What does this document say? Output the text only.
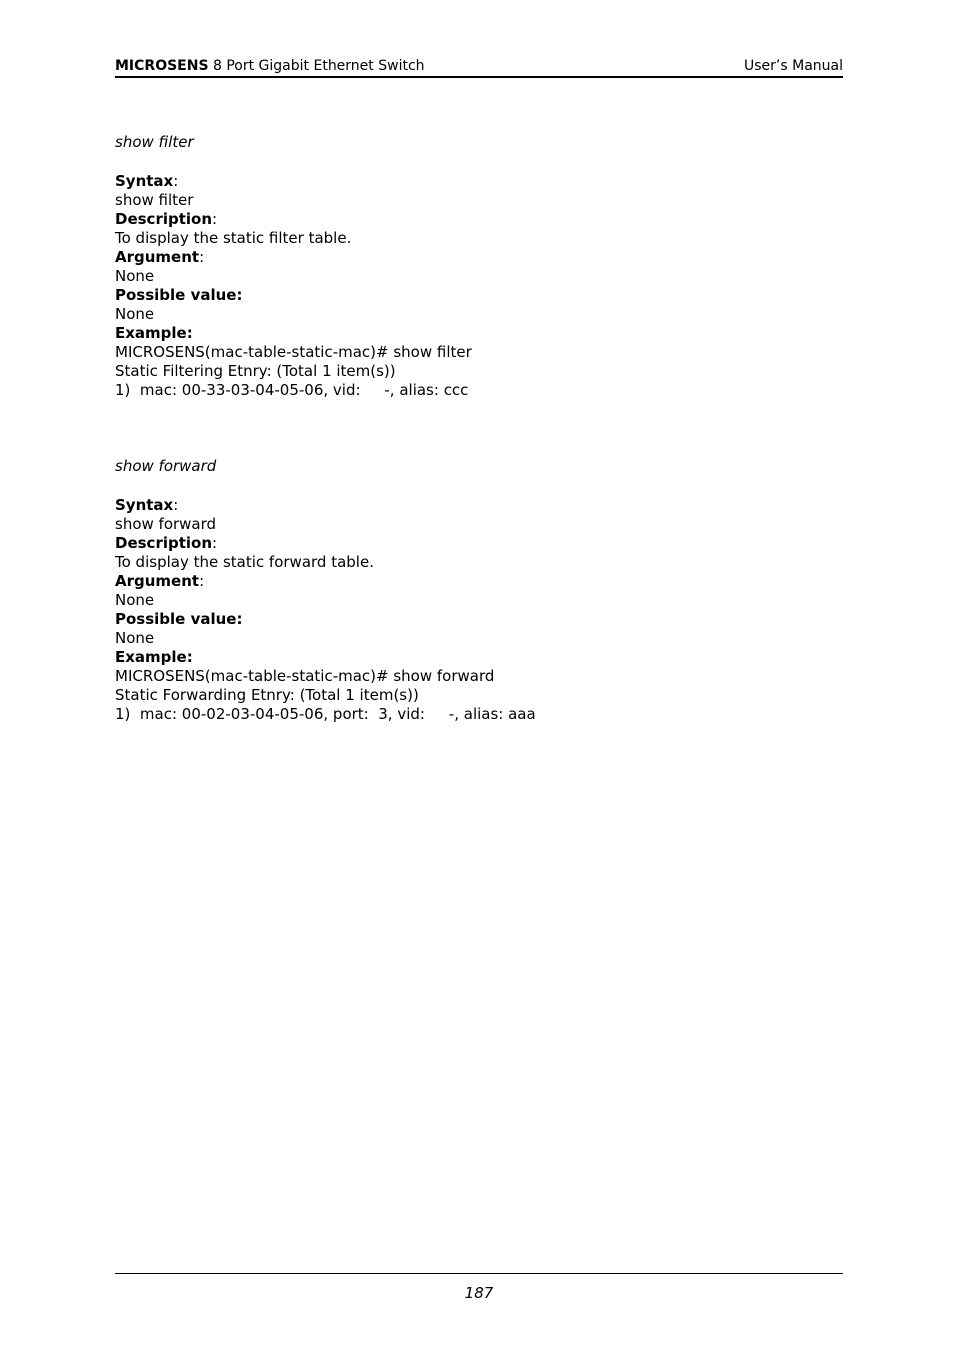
MICROSENS 8 Port Gigabit Ethernet Switch	User’s Manual
show filter
Syntax:
show filter
Description:
To display the static filter table.
Argument:
None
Possible value:
None
Example:
MICROSENS(mac-table-static-mac)# show filter
Static Filtering Etnry: (Total 1 item(s))
1)  mac: 00-33-03-04-05-06, vid:     -, alias: ccc
show forward
Syntax:
show forward
Description:
To display the static forward table.
Argument:
None
Possible value:
None
Example:
MICROSENS(mac-table-static-mac)# show forward
Static Forwarding Etnry: (Total 1 item(s))
1)  mac: 00-02-03-04-05-06, port:  3, vid:     -, alias: aaa
187
